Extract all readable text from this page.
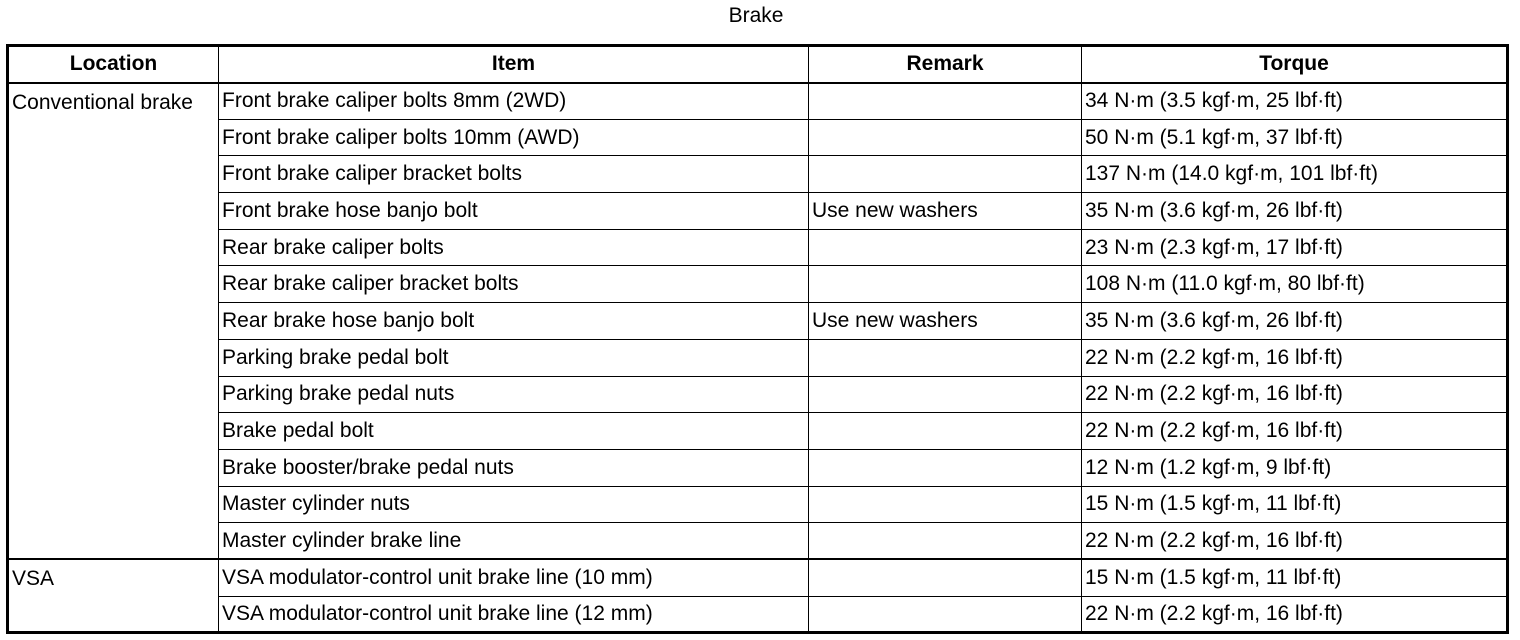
Brake
Location	Item	Remark	Torque
Conventional brake	Front brake caliper bolts 8mm (2WD)		34 N·m (3.5 kgf·m, 25 lbf·ft)
	Front brake caliper bolts 10mm (AWD)		50 N·m (5.1 kgf·m, 37 lbf·ft)
	Front brake caliper bracket bolts		137 N·m (14.0 kgf·m, 101 lbf·ft)
	Front brake hose banjo bolt	Use new washers	35 N·m (3.6 kgf·m, 26 lbf·ft)
	Rear brake caliper bolts		23 N·m (2.3 kgf·m, 17 lbf·ft)
	Rear brake caliper bracket bolts		108 N·m (11.0 kgf·m, 80 lbf·ft)
	Rear brake hose banjo bolt	Use new washers	35 N·m (3.6 kgf·m, 26 lbf·ft)
	Parking brake pedal bolt		22 N·m (2.2 kgf·m, 16 lbf·ft)
	Parking brake pedal nuts		22 N·m (2.2 kgf·m, 16 lbf·ft)
	Brake pedal bolt		22 N·m (2.2 kgf·m, 16 lbf·ft)
	Brake booster/brake pedal nuts		12 N·m (1.2 kgf·m, 9 lbf·ft)
	Master cylinder nuts		15 N·m (1.5 kgf·m, 11 lbf·ft)
	Master cylinder brake line		22 N·m (2.2 kgf·m, 16 lbf·ft)
VSA	VSA modulator-control unit brake line (10 mm)		15 N·m (1.5 kgf·m, 11 lbf·ft)
	VSA modulator-control unit brake line (12 mm)		22 N·m (2.2 kgf·m, 16 lbf·ft)
